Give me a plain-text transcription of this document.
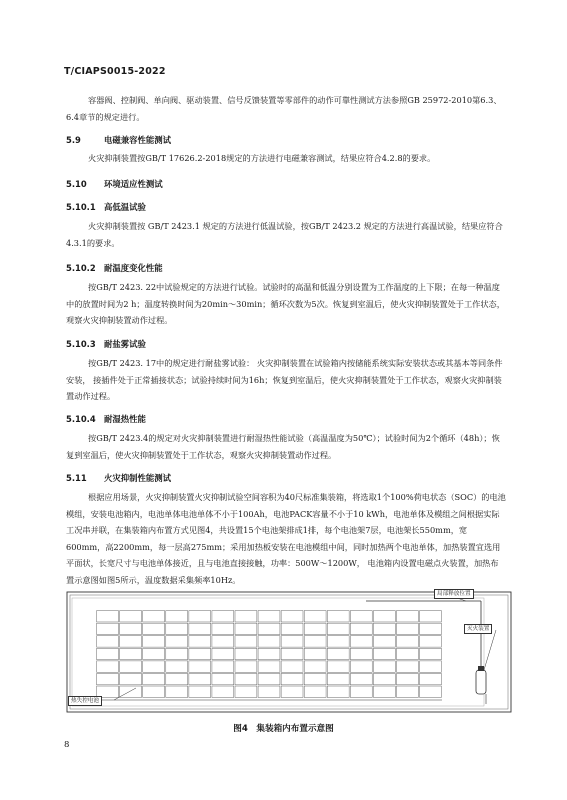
T/CIAPS0015-2022
容器阀、控制阀、单向阀、驱动装置、信号反馈装置等零部件的动作可靠性测试方法参照GB 25972-2010第6.3、6.4章节的规定进行。
5.9	电磁兼容性能测试
火灾抑制装置按GB/T 17626.2-2018规定的方法进行电磁兼容测试，结果应符合4.2.8的要求。
5.10 环境适应性测试
5.10.1 高低温试验
火灾抑制装置按 GB/T 2423.1 规定的方法进行低温试验，按GB/T 2423.2 规定的方法进行高温试验，结果应符合4.3.1的要求。
5.10.2 耐温度变化性能
按GB/T 2423. 22中试验规定的方法进行试验。试验时的高温和低温分别设置为工作温度的上下限；在每一种温度中的放置时间为2 h；温度转换时间为20min～30min；循环次数为5次。恢复到室温后，使火灾抑制装置处于工作状态，观察火灾抑制装置动作过程。
5.10.3 耐盐雾试验
按GB/T 2423. 17中的规定进行耐盐雾试验： 火灾抑制装置在试验箱内按储能系统实际安装状态或其基本等同条件安装， 接插件处于正常插接状态；试验持续时间为16h；恢复到室温后，使火灾抑制装置处于工作状态，观察火灾抑制装置动作过程。
5.10.4 耐湿热性能
按GB/T 2423.4的规定对火灾抑制装置进行耐湿热性能试验（高温温度为50℃）；试验时间为2个循环（48h）；恢复到室温后，使火灾抑制装置处于工作状态，观察火灾抑制装置动作过程。
5.11 火灾抑制性能测试
根据应用场景，火灾抑制装置火灾抑制试验空间容积为40尺标准集装箱，将选取1个100%荷电状态（SOC）的电池模组，安装电池箱内，电池单体电池单体不小于100Ah，电池PACK容量不小于10 kWh，电池单体及模组之间根据实际工况串并联，在集装箱内布置方式见图4，共设置15个电池架排成1排，每个电池架7层，电池架长550mm，宽600mm，高2200mm，每一层高275mm；采用加热板安装在电池模组中间，同时加热两个电池单体，加热装置宜选用平面状，长宽尺寸与电池单体接近，且与电池直接接触，功率：500W～1200W， 电池箱内设置电磁点火装置，加热布置示意图如图5所示，温度数据采集频率10Hz。
局部释放位置
灭火装置
热失控电池
图4　集装箱内布置示意图
8
